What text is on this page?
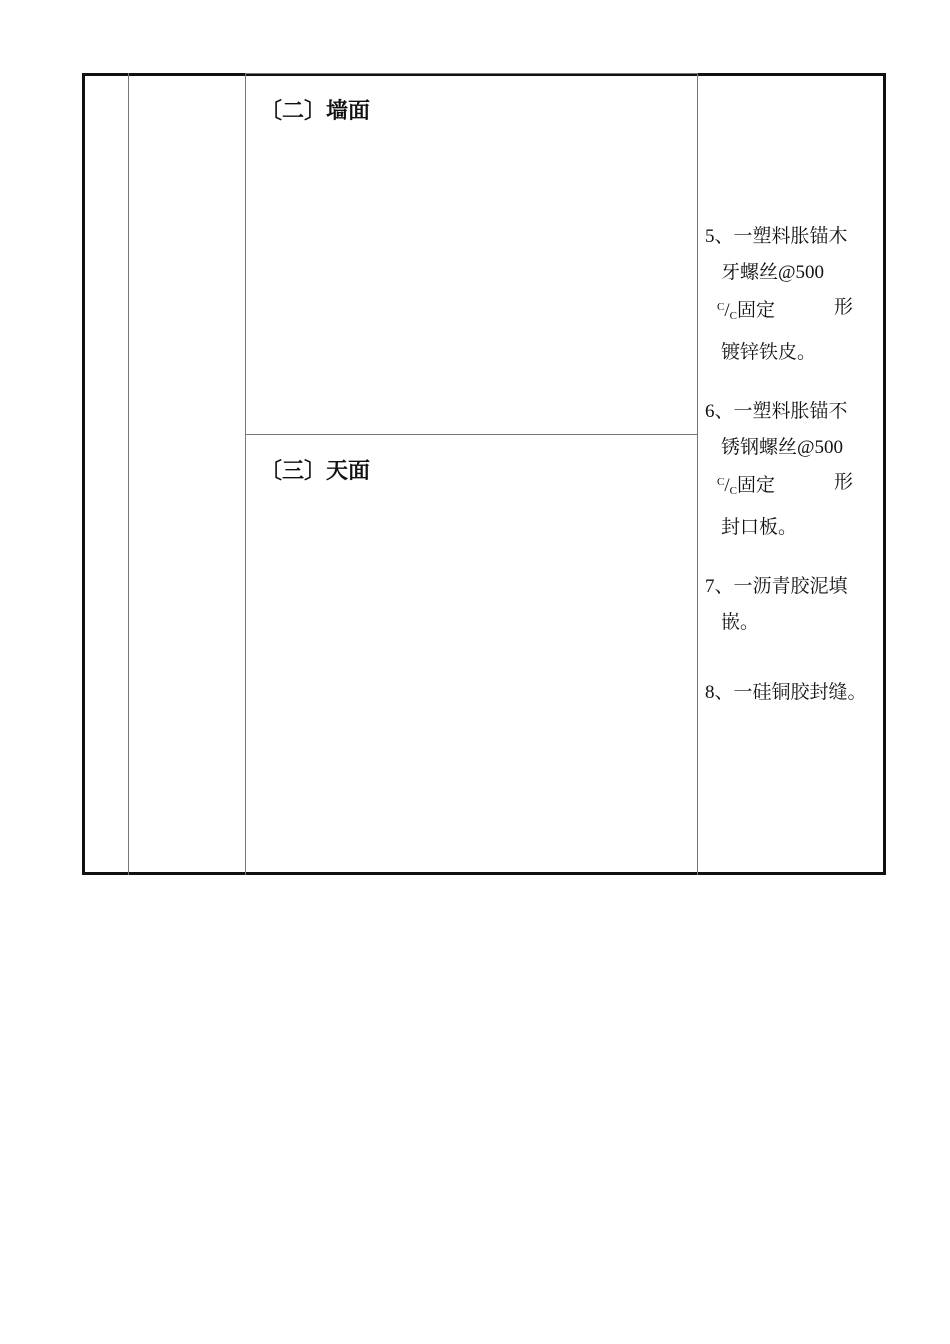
〔二〕墙面
〔三〕天面
5、一塑料胀锚木
牙螺丝@500
$^C/_C$固定	形
镀锌铁皮。
6、一塑料胀锚不
锈钢螺丝@500
$^C/_C$固定	形
封口板。
7、一沥青胶泥填
嵌。
8、一硅铜胶封缝。
